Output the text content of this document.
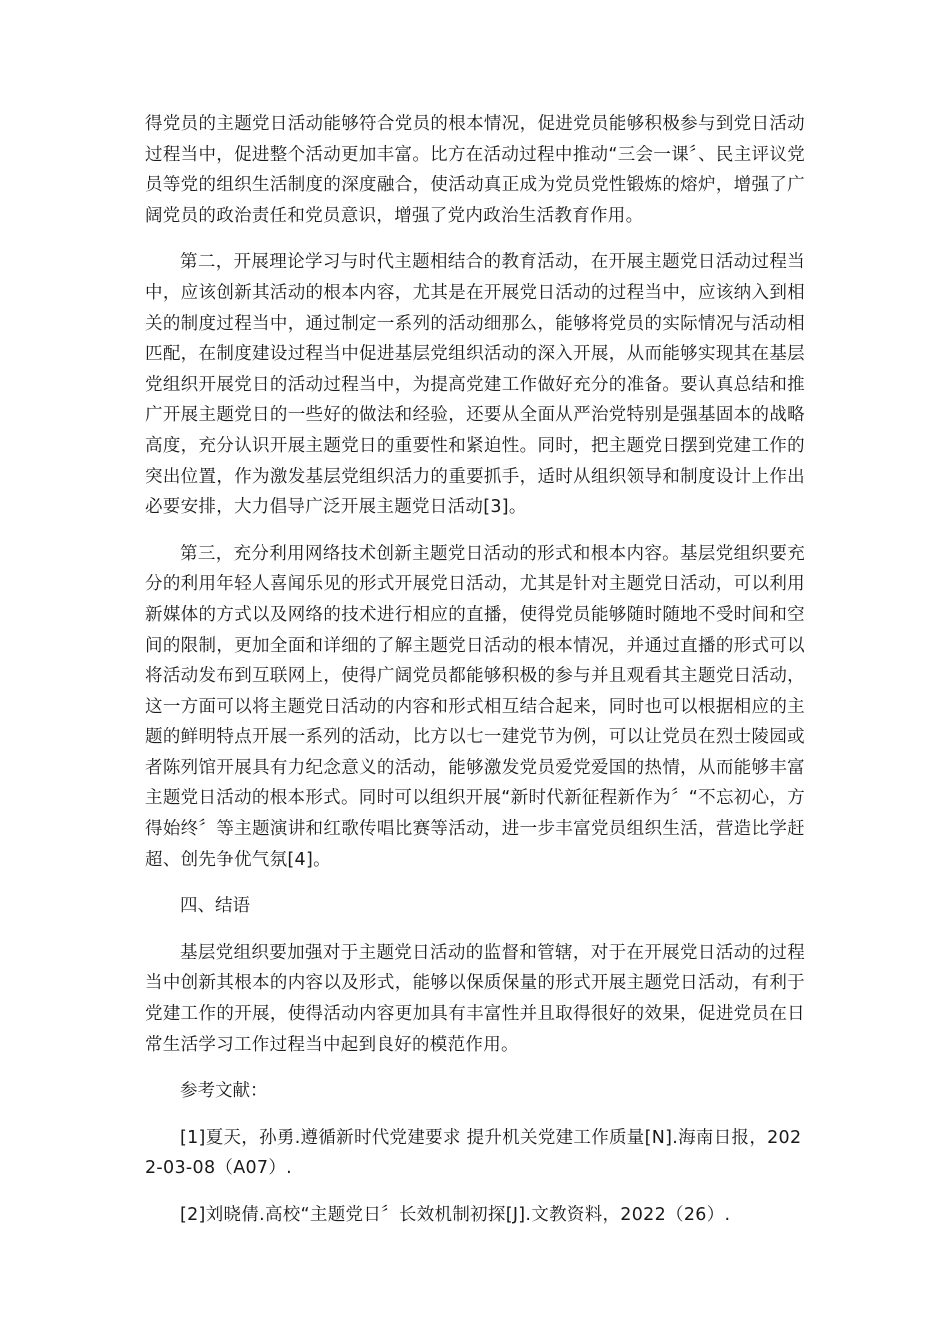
得党员的主题党日活动能够符合党员的根本情况，促进党员能够积极参与到党日活动过程当中，促进整个活动更加丰富。比方在活动过程中推动“三会一课〞、民主评议党员等党的组织生活制度的深度融合，使活动真正成为党员党性锻炼的熔炉，增强了广阔党员的政治责任和党员意识，增强了党内政治生活教育作用。

第二，开展理论学习与时代主题相结合的教育活动，在开展主题党日活动过程当中，应该创新其活动的根本内容，尤其是在开展党日活动的过程当中，应该纳入到相关的制度过程当中，通过制定一系列的活动细那么，能够将党员的实际情况与活动相匹配，在制度建设过程当中促进基层党组织活动的深入开展，从而能够实现其在基层党组织开展党日的活动过程当中，为提高党建工作做好充分的准备。要认真总结和推广开展主题党日的一些好的做法和经验，还要从全面从严治党特别是强基固本的战略高度，充分认识开展主题党日的重要性和紧迫性。同时，把主题党日摆到党建工作的突出位置，作为激发基层党组织活力的重要抓手，适时从组织领导和制度设计上作出必要安排，大力倡导广泛开展主题党日活动[3]。

第三，充分利用网络技术创新主题党日活动的形式和根本内容。基层党组织要充分的利用年轻人喜闻乐见的形式开展党日活动，尤其是针对主题党日活动，可以利用新媒体的方式以及网络的技术进行相应的直播，使得党员能够随时随地不受时间和空间的限制，更加全面和详细的了解主题党日活动的根本情况，并通过直播的形式可以将活动发布到互联网上，使得广阔党员都能够积极的参与并且观看其主题党日活动，这一方面可以将主题党日活动的内容和形式相互结合起来，同时也可以根据相应的主题的鲜明特点开展一系列的活动，比方以七一建党节为例，可以让党员在烈士陵园或者陈列馆开展具有力纪念意义的活动，能够激发党员爱党爱国的热情，从而能够丰富主题党日活动的根本形式。同时可以组织开展“新时代新征程新作为〞“不忘初心，方得始终〞等主题演讲和红歌传唱比赛等活动，进一步丰富党员组织生活，营造比学赶超、创先争优气氛[4]。

四、结语

基层党组织要加强对于主题党日活动的监督和管辖，对于在开展党日活动的过程当中创新其根本的内容以及形式，能够以保质保量的形式开展主题党日活动，有利于党建工作的开展，使得活动内容更加具有丰富性并且取得很好的效果，促进党员在日常生活学习工作过程当中起到良好的模范作用。

参考文献：

[1]夏天，孙勇.遵循新时代党建要求 提升机关党建工作质量[N].海南日报，2022-03-08（A07）.

[2]刘晓倩.高校“主题党日〞长效机制初探[J].文教资料，2022（26）.
